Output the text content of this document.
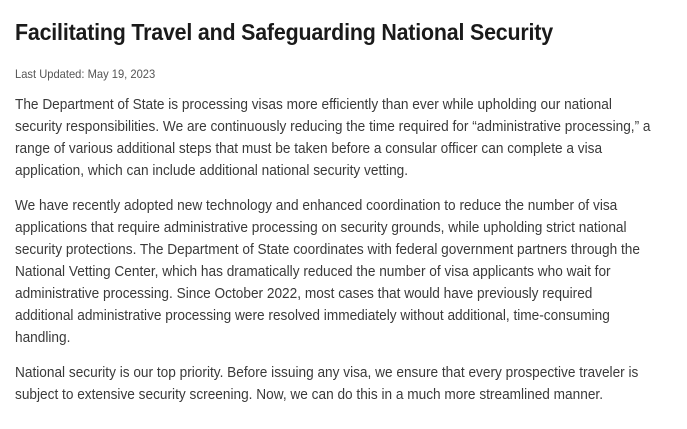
Facilitating Travel and Safeguarding National Security
Last Updated: May 19, 2023

The Department of State is processing visas more efficiently than ever while upholding our national security responsibilities. We are continuously reducing the time required for “administrative processing,” a range of various additional steps that must be taken before a consular officer can complete a visa application, which can include additional national security vetting.

We have recently adopted new technology and enhanced coordination to reduce the number of visa applications that require administrative processing on security grounds, while upholding strict national security protections. The Department of State coordinates with federal government partners through the National Vetting Center, which has dramatically reduced the number of visa applicants who wait for administrative processing. Since October 2022, most cases that would have previously required additional administrative processing were resolved immediately without additional, time-consuming handling.

National security is our top priority. Before issuing any visa, we ensure that every prospective traveler is subject to extensive security screening. Now, we can do this in a much more streamlined manner.
